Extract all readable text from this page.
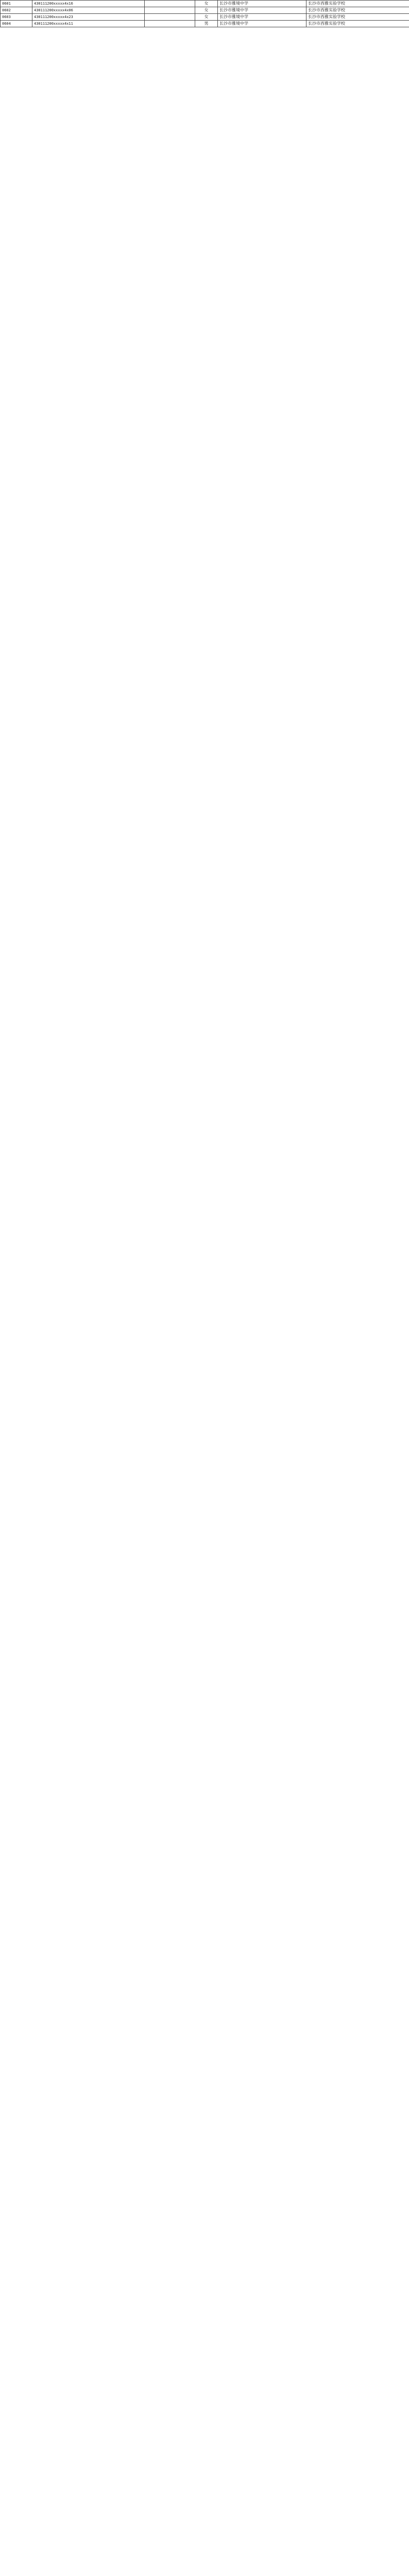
0601	430111200xxxxx4x16		女	长沙市雅境中学	长沙市西雅实验学校
0602	430111200xxxxx4x06		女	长沙市雅境中学	长沙市西雅实验学校
0603	430111200xxxxx4x23		女	长沙市雅境中学	长沙市西雅实验学校
0604	430111200xxxxx4x11		男	长沙市雅境中学	长沙市西雅实验学校
